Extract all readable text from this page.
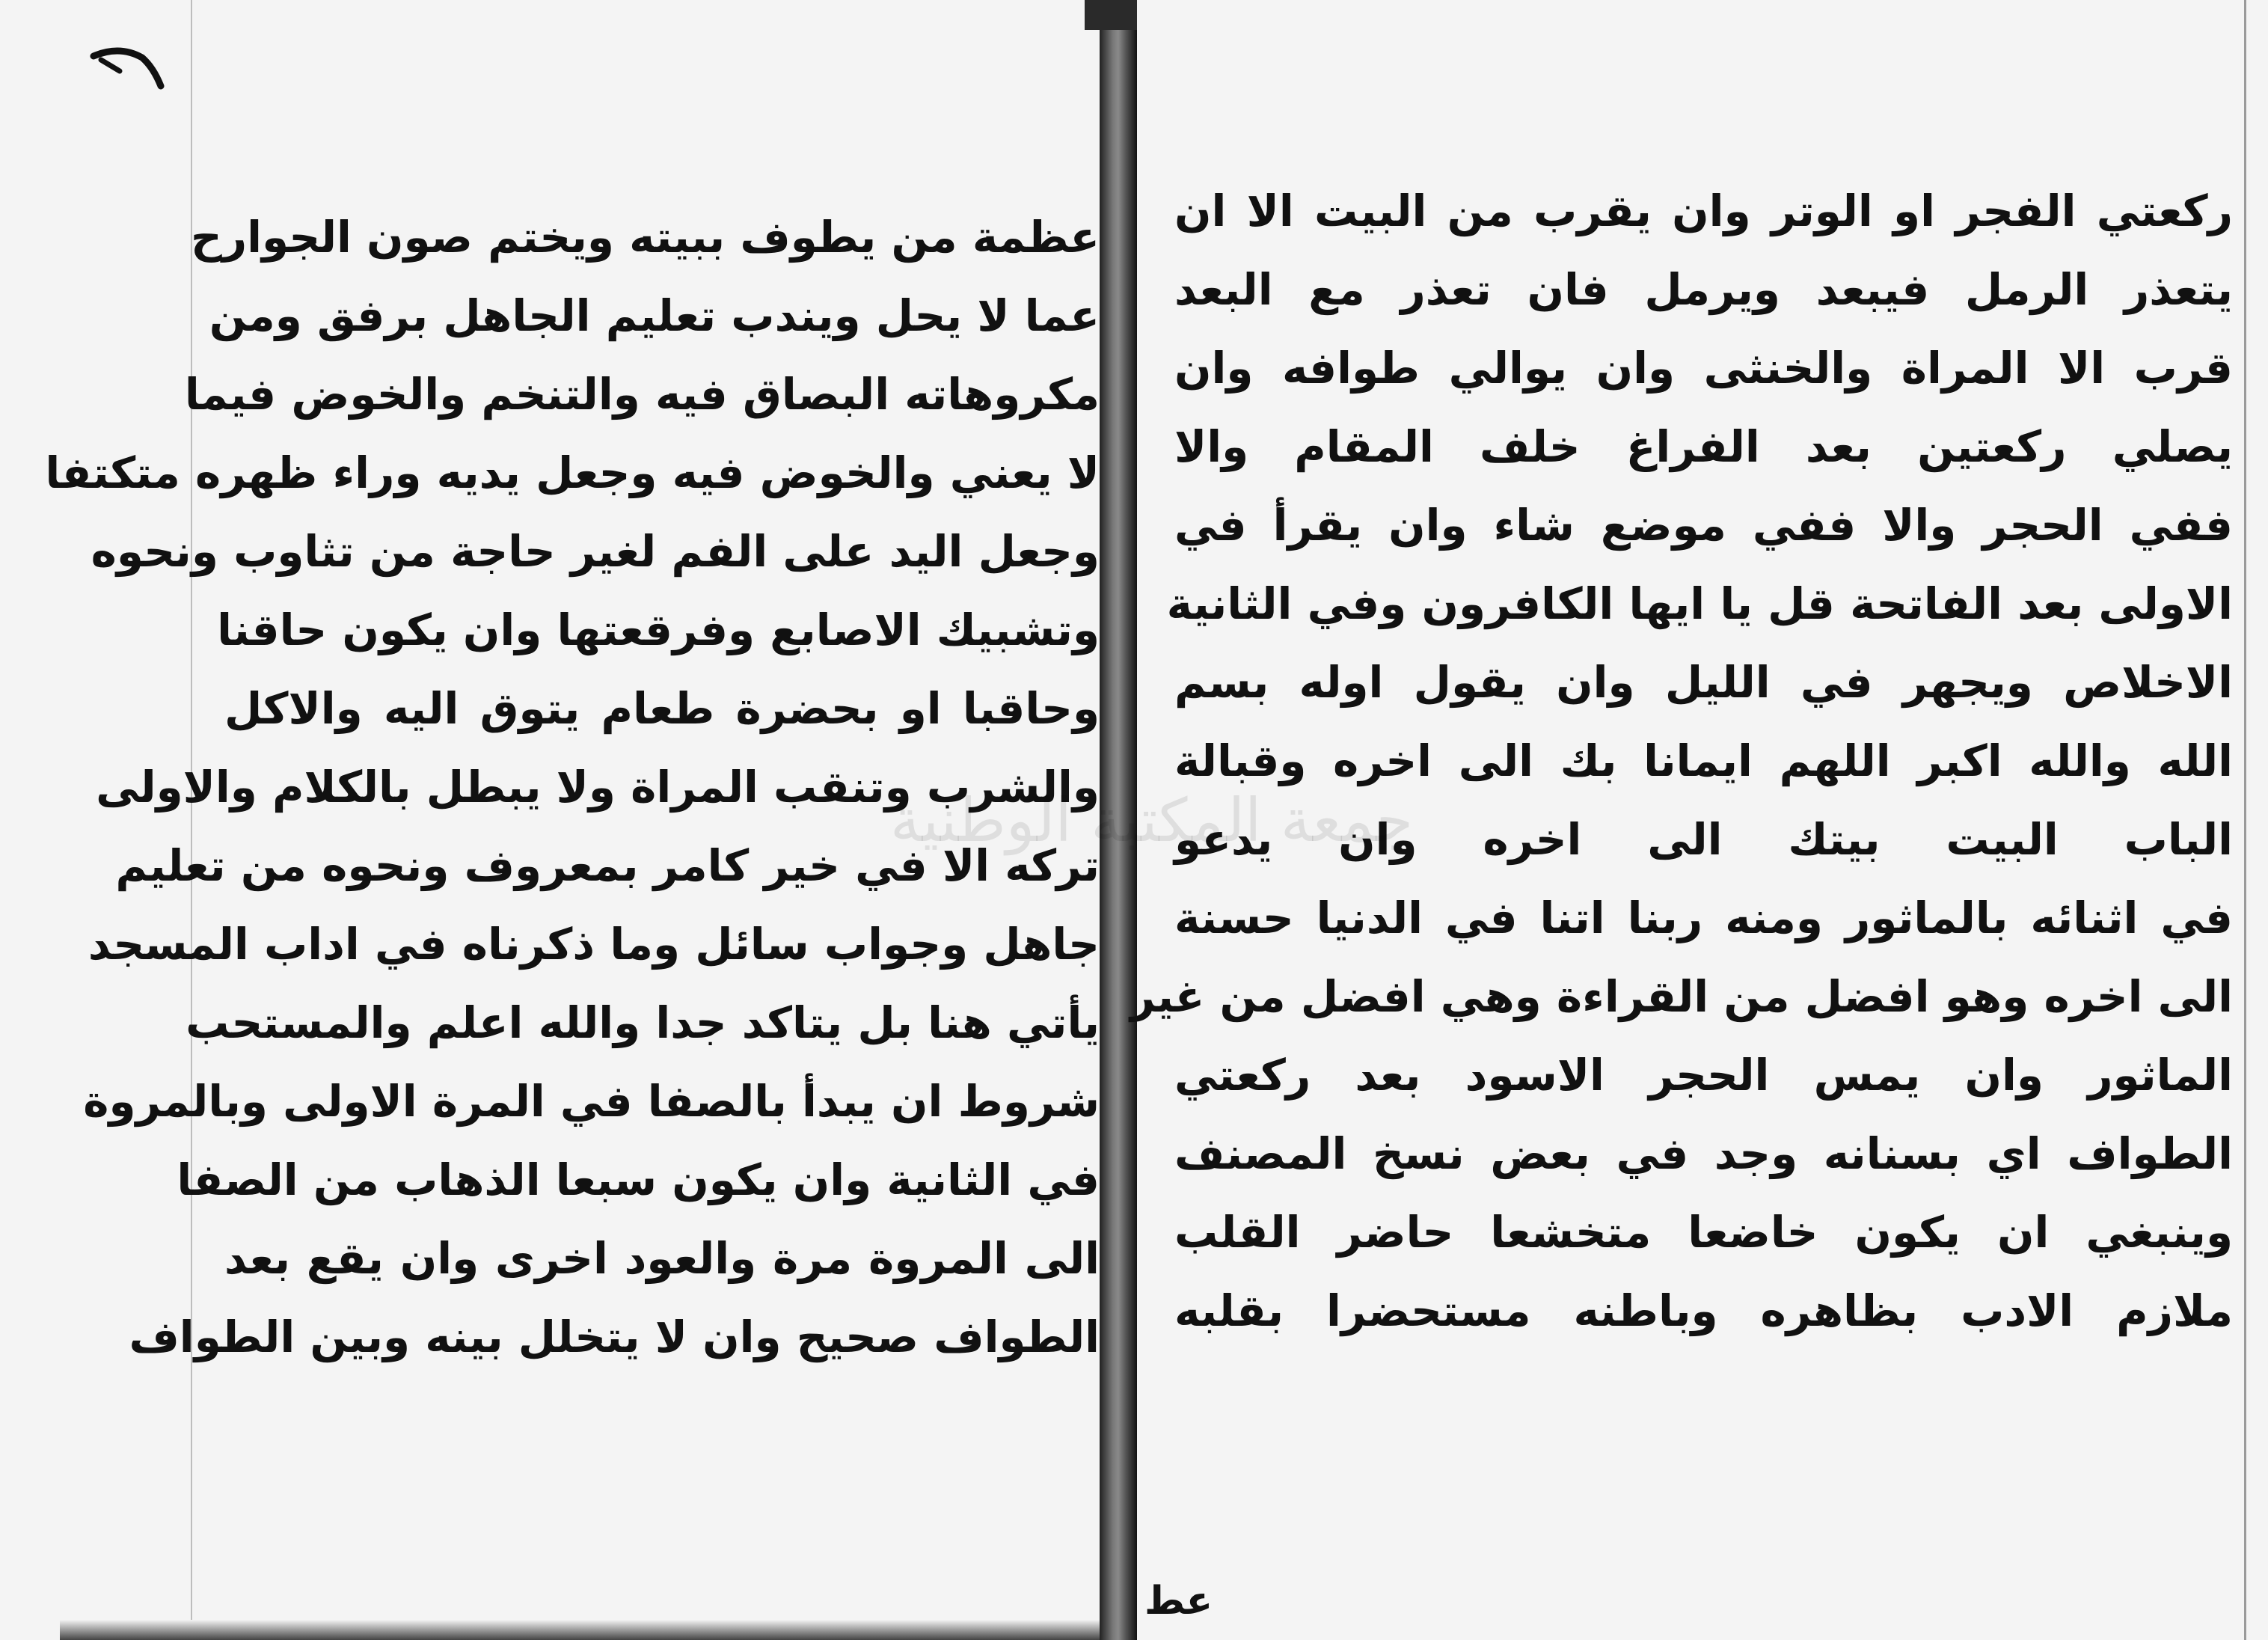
عظمة من يطوف ببيته ويختم صون الجوارح
عما لا يحل ويندب تعليم الجاهل برفق ومن
مكروهاته البصاق فيه والتنخم والخوض فيما
لا يعني والخوض فيه وجعل يديه وراء ظهره متكتفا
وجعل اليد على الفم لغير حاجة من تثاوب ونحوه
وتشبيك الاصابع وفرقعتها وان يكون حاقنا
وحاقبا او بحضرة طعام يتوق اليه والاكل
والشرب وتنقب المراة ولا يبطل بالكلام والاولى
تركه الا في خير كامر بمعروف ونحوه من تعليم
جاهل وجواب سائل وما ذكرناه في اداب المسجد
يأتي هنا بل يتاكد جدا والله اعلم والمستحب
شروط ان يبدأ بالصفا في المرة الاولى وبالمروة
في الثانية وان يكون سبعا الذهاب من الصفا
الى المروة مرة والعود اخرى وان يقع بعد
الطواف صحيح وان لا يتخلل بينه وبين الطواف
ركعتي الفجر او الوتر وان يقرب من البيت الا ان
يتعذر الرمل فيبعد ويرمل فان تعذر مع البعد
قرب الا المراة والخنثى وان يوالي طوافه وان
يصلي ركعتين بعد الفراغ خلف المقام والا
ففي الحجر والا ففي موضع شاء وان يقرأ في
الاولى بعد الفاتحة قل يا ايها الكافرون وفي الثانية
الاخلاص ويجهر في الليل وان يقول اوله بسم
الله والله اكبر اللهم ايمانا بك الى اخره وقبالة
الباب البيت بيتك الى اخره وان يدعو
في اثنائه بالماثور ومنه ربنا اتنا في الدنيا حسنة
الى اخره وهو افضل من القراءة وهي افضل من غير
الماثور وان يمس الحجر الاسود بعد ركعتي
الطواف اي بسنانه وجد في بعض نسخ المصنف
وينبغي ان يكون خاضعا متخشعا حاضر القلب
ملازم الادب بظاهره وباطنه مستحضرا بقلبه
عط
جمعة المكتبة الوطنية
